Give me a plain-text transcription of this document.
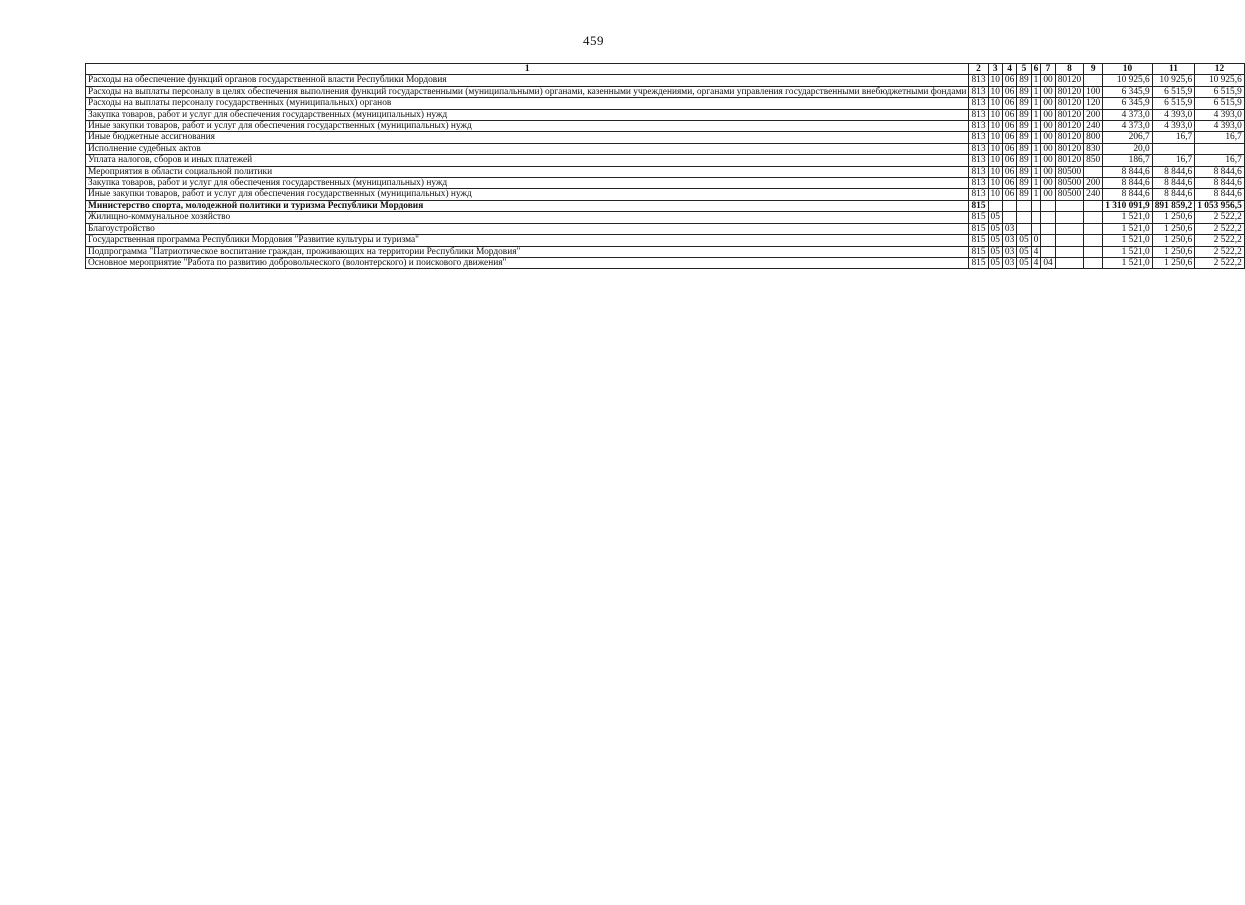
459
1	2	3	4	5	6	7	8	9	10	11	12
Расходы на обеспечение функций органов государственной власти Республики Мордовия	813	10	06	89	1	00	80120		10 925,6	10 925,6	10 925,6
Расходы на выплаты персоналу в целях обеспечения выполнения функций государственными (муниципальными) органами, казенными учреждениями, органами управления государственными внебюджетными фондами	813	10	06	89	1	00	80120	100	6 345,9	6 515,9	6 515,9
Расходы на выплаты персоналу государственных (муниципальных) органов	813	10	06	89	1	00	80120	120	6 345,9	6 515,9	6 515,9
Закупка товаров, работ и услуг для обеспечения государственных (муниципальных) нужд	813	10	06	89	1	00	80120	200	4 373,0	4 393,0	4 393,0
Иные закупки товаров, работ и услуг для обеспечения государственных (муниципальных) нужд	813	10	06	89	1	00	80120	240	4 373,0	4 393,0	4 393,0
Иные бюджетные ассигнования	813	10	06	89	1	00	80120	800	206,7	16,7	16,7
Исполнение судебных актов	813	10	06	89	1	00	80120	830	20,0		
Уплата налогов, сборов и иных платежей	813	10	06	89	1	00	80120	850	186,7	16,7	16,7
Мероприятия в области социальной политики	813	10	06	89	1	00	80500		8 844,6	8 844,6	8 844,6
Закупка товаров, работ и услуг для обеспечения государственных (муниципальных) нужд	813	10	06	89	1	00	80500	200	8 844,6	8 844,6	8 844,6
Иные закупки товаров, работ и услуг для обеспечения государственных (муниципальных) нужд	813	10	06	89	1	00	80500	240	8 844,6	8 844,6	8 844,6
Министерство спорта, молодежной политики и туризма Республики Мордовия	815								1 310 091,9	891 859,2	1 053 956,5
Жилищно-коммунальное хозяйство	815	05							1 521,0	1 250,6	2 522,2
Благоустройство	815	05	03						1 521,0	1 250,6	2 522,2
Государственная программа Республики Мордовия "Развитие культуры и туризма"	815	05	03	05	0				1 521,0	1 250,6	2 522,2
Подпрограмма "Патриотическое воспитание граждан, проживающих на территории Республики Мордовия"	815	05	03	05	4				1 521,0	1 250,6	2 522,2
Основное мероприятие "Работа по развитию добровольческого (волонтерского) и поискового движения"	815	05	03	05	4	04			1 521,0	1 250,6	2 522,2
